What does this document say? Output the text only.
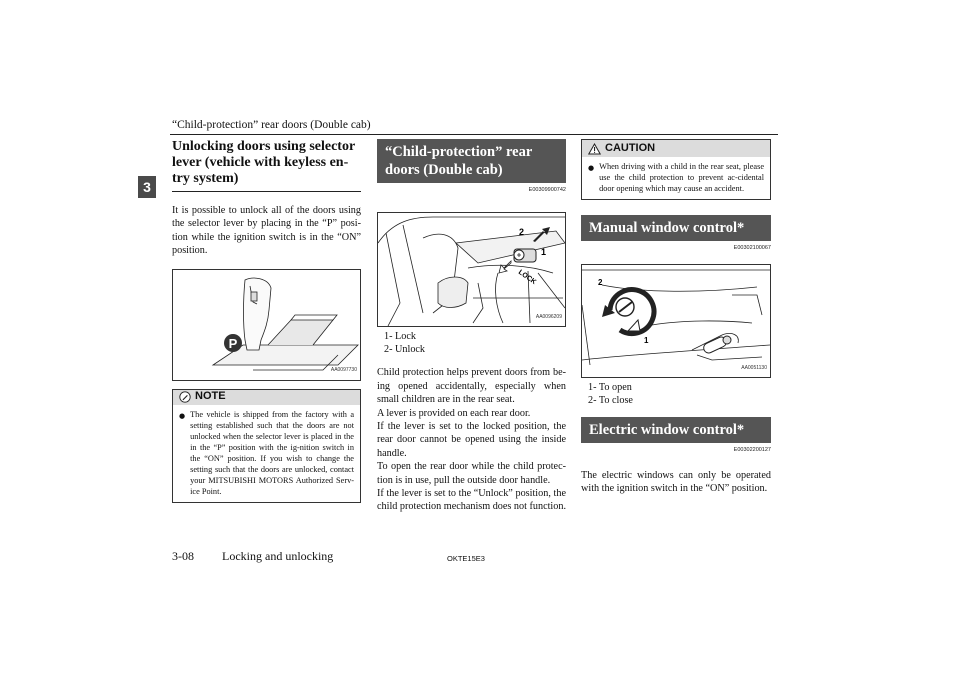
“Child-protection” rear doors (Double cab)
3
Unlocking doors using selector lever (vehicle with keyless en-try system)

It is possible to unlock all of the doors using the selector lever by placing in the “P” posi-tion while the ignition switch is in the “ON” position.

P
AA0097730
NOTE
● The vehicle is shipped from the factory with a setting established such that the doors are not unlocked when the selector lever is placed in the in the “P” position with the ig-nition switch in the “ON” position. If you wish to change the setting such that the doors are unlocked, contact your MITSUBISHI MOTORS Authorized Serv-ice Point.
“Child-protection” rear doors (Double cab)
E00309900742
2
1
LOCK
AA0096209
1- Lock
2- Unlock

Child protection helps prevent doors from be-ing opened accidentally, especially when small children are in the rear seat.

A lever is provided on each rear door.

If the lever is set to the locked position, the rear door cannot be opened using the inside handle.

To open the rear door while the child protec-tion is in use, pull the outside door handle.

If the lever is set to the “Unlock” position, the child protection mechanism does not function.

CAUTION
● When driving with a child in the rear seat, please use the child protection to prevent ac-cidental door opening which may cause an accident.
Manual window control*
E00302100067
2
1
AA0051130
1- To open
2- To close
Electric window control*
E00302200127

The electric windows can only be operated with the ignition switch in the “ON” position.

3-08 Locking and unlocking	OKTE15E3
